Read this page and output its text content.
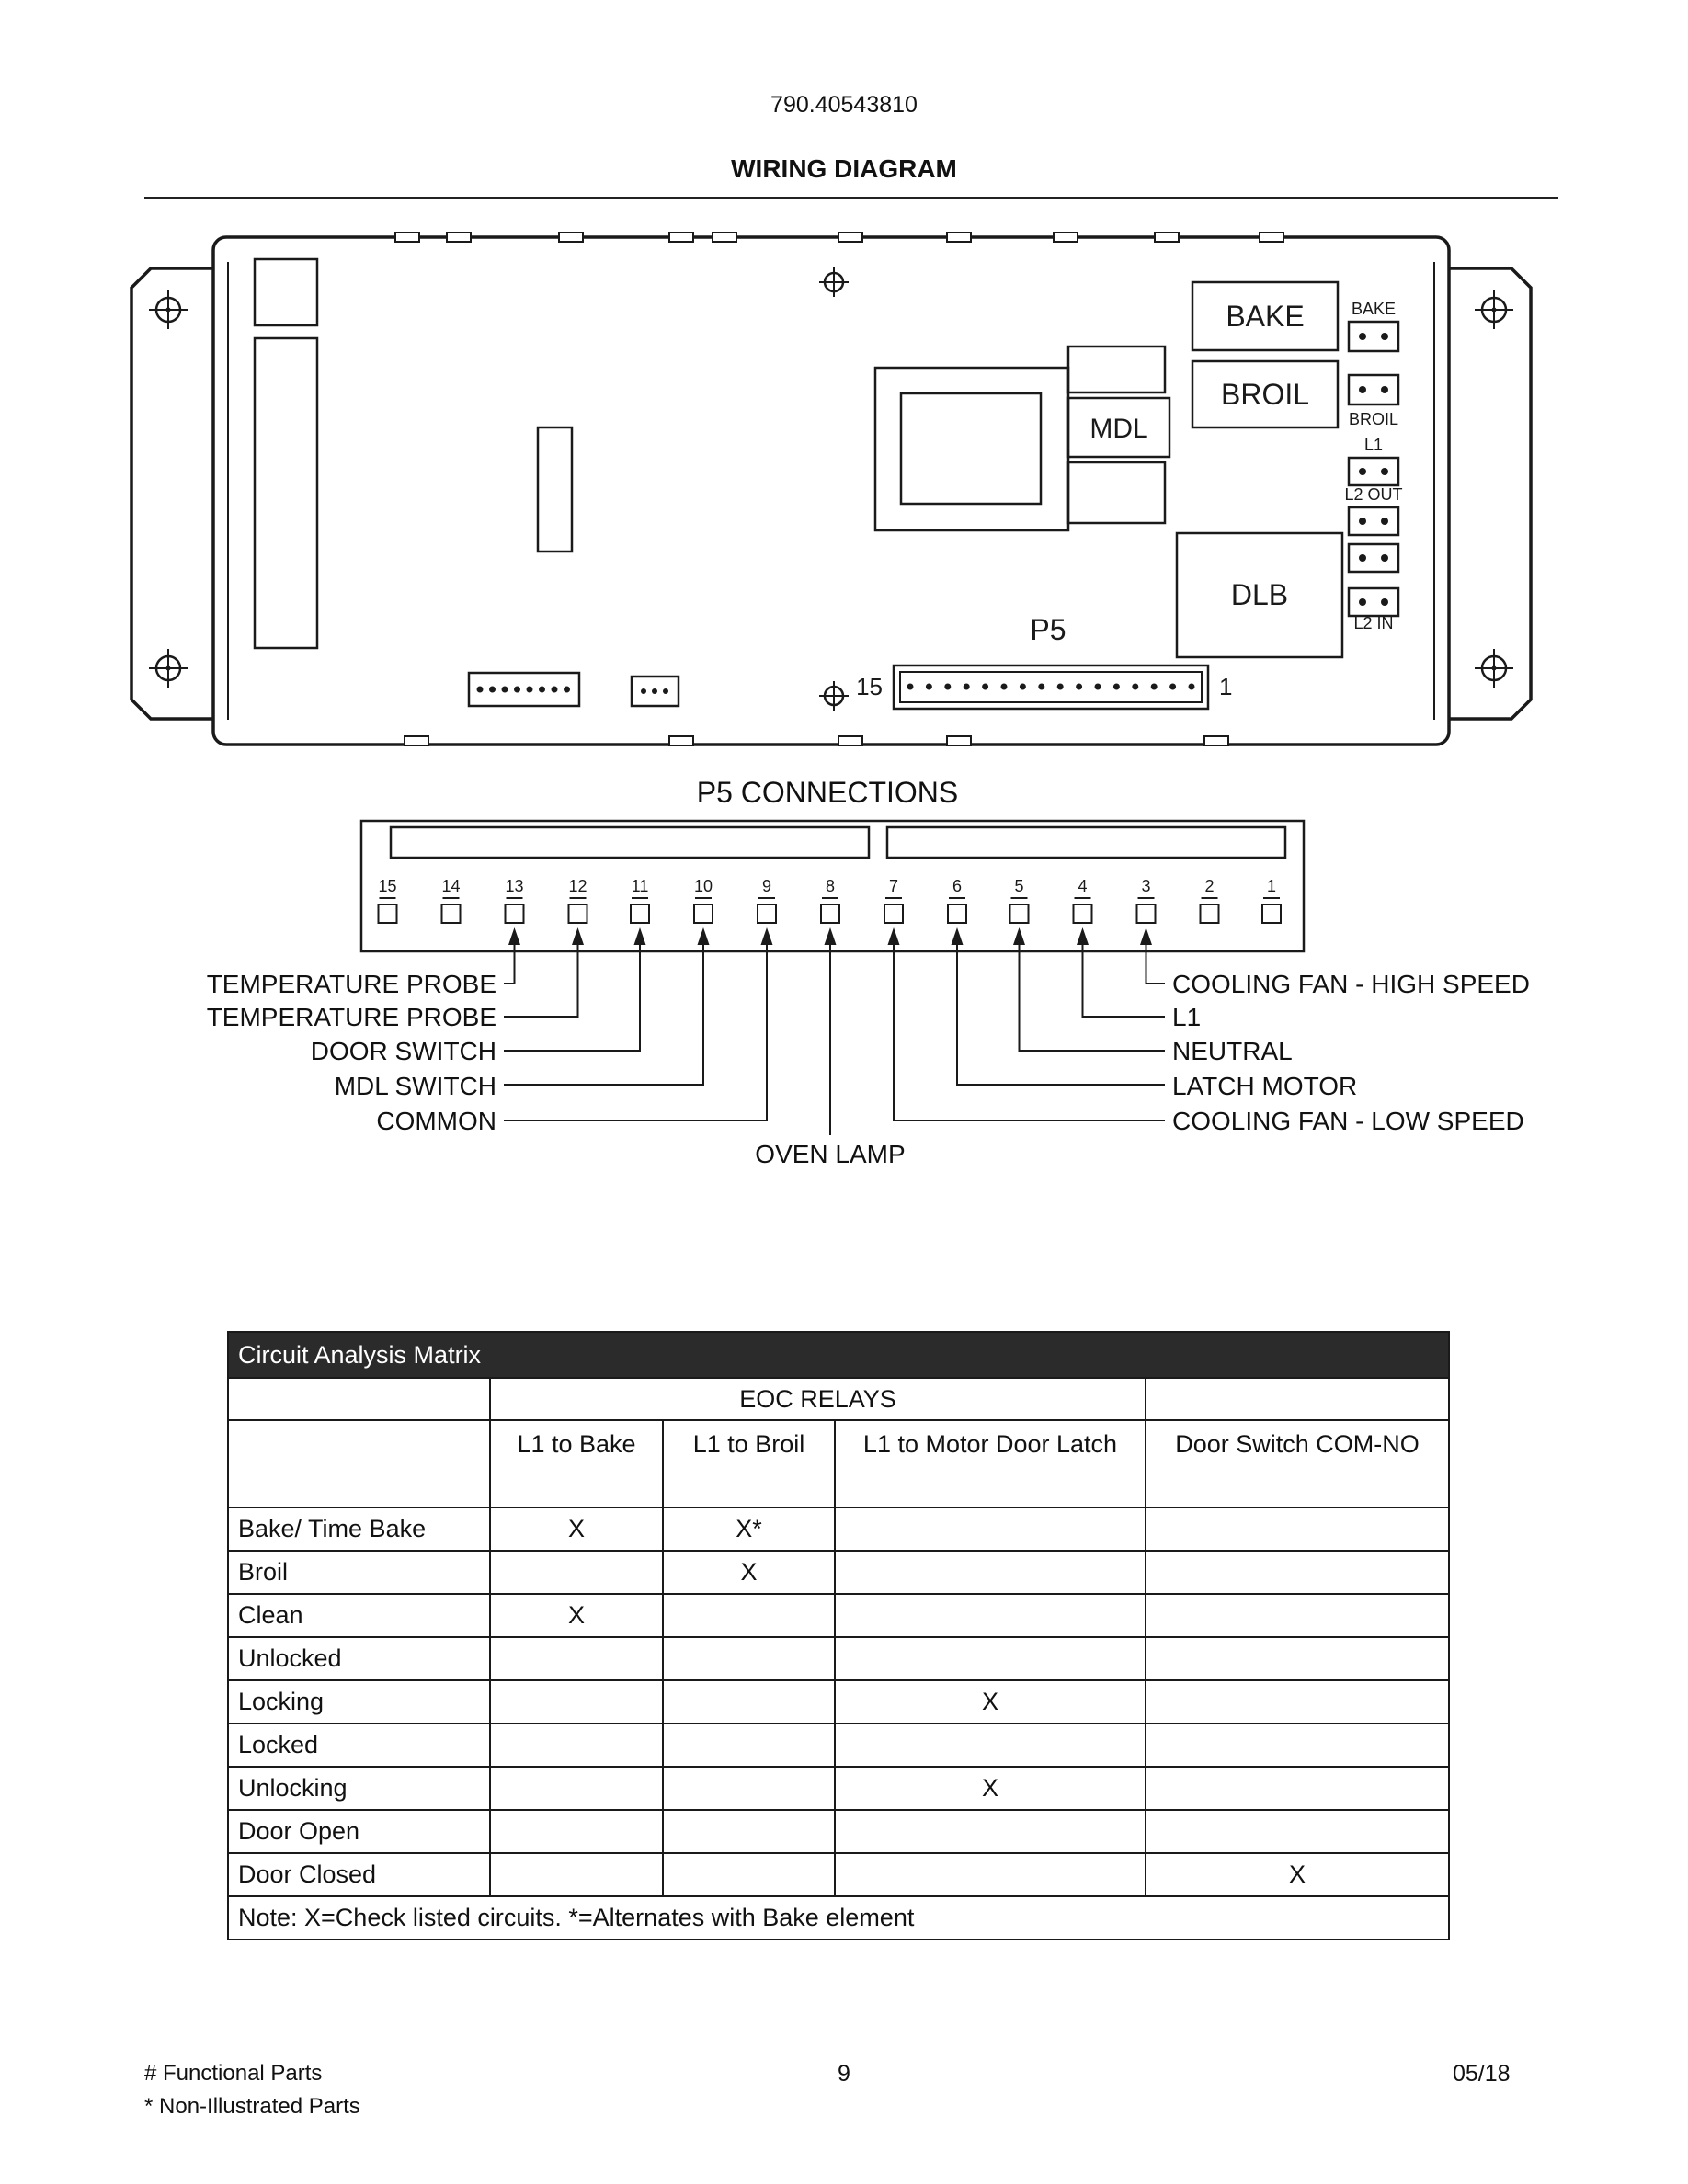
790.40543810
WIRING DIAGRAM
MDL
BAKE
BROIL
DLB
BAKE
BROIL
L1
L2 OUT
L2 IN
P5
15	1
P5 CONNECTIONS
15	14	13	12	11	10	9	8	7	6	5	4	3	2	1
TEMPERATURE PROBE
TEMPERATURE PROBE
DOOR SWITCH
MDL SWITCH
COMMON
OVEN LAMP
COOLING FAN - HIGH SPEED
L1
NEUTRAL
LATCH MOTOR
COOLING FAN - LOW SPEED
Circuit Analysis Matrix				
	EOC RELAYS			
	L1 to Bake	L1 to Broil	L1 to Motor Door Latch	Door Switch COM-NO
Bake/ Time Bake	X	X*		
Broil		X		
Clean	X			
Unlocked				
Locking			X	
Locked				
Unlocking			X	
Door Open				
Door Closed				X
Note: X=Check listed circuits. *=Alternates with Bake element				
# Functional Parts
* Non-Illustrated Parts
9	05/18
